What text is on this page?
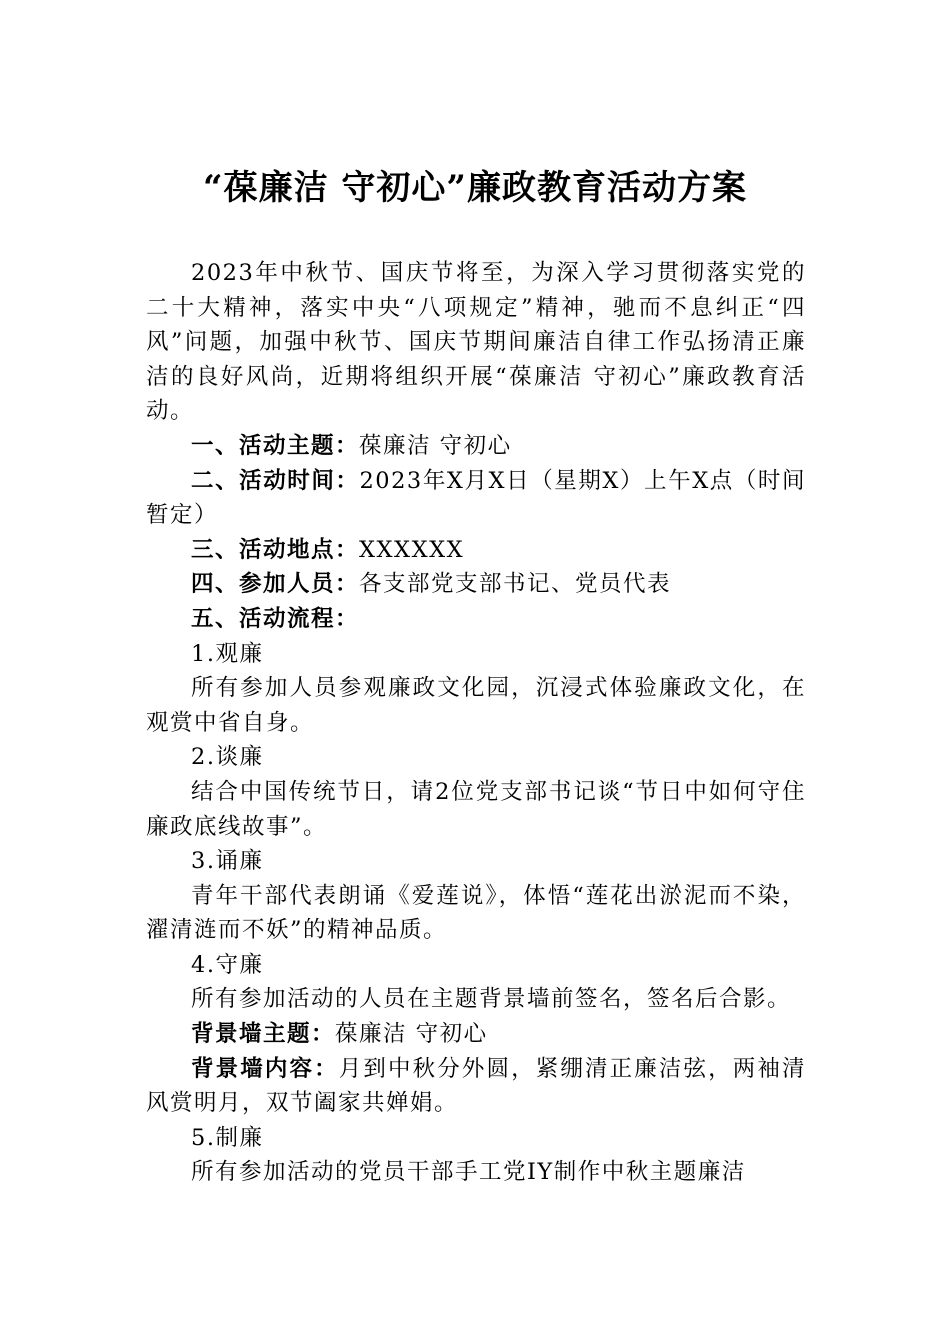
“葆廉洁 守初心”廉政教育活动方案

2023年中秋节、国庆节将至，为深入学习贯彻落实党的二十大精神，落实中央“八项规定”精神，驰而不息纠正“四风”问题，加强中秋节、国庆节期间廉洁自律工作弘扬清正廉洁的良好风尚，近期将组织开展“葆廉洁 守初心”廉政教育活动。

一、活动主题：葆廉洁 守初心

二、活动时间：2023年X月X日（星期X）上午X点（时间暂定）

三、活动地点：XXXXXX

四、参加人员：各支部党支部书记、党员代表

五、活动流程：

1.观廉

所有参加人员参观廉政文化园，沉浸式体验廉政文化，在观赏中省自身。

2.谈廉

结合中国传统节日，请2位党支部书记谈“节日中如何守住廉政底线故事”。

3.诵廉

青年干部代表朗诵《爱莲说》，体悟“莲花出淤泥而不染，濯清涟而不妖”的精神品质。

4.守廉

所有参加活动的人员在主题背景墙前签名，签名后合影。

背景墙主题：葆廉洁 守初心

背景墙内容：月到中秋分外圆，紧绷清正廉洁弦，两袖清风赏明月，双节阖家共婵娟。

5.制廉

所有参加活动的党员干部手工党IY制作中秋主题廉洁
